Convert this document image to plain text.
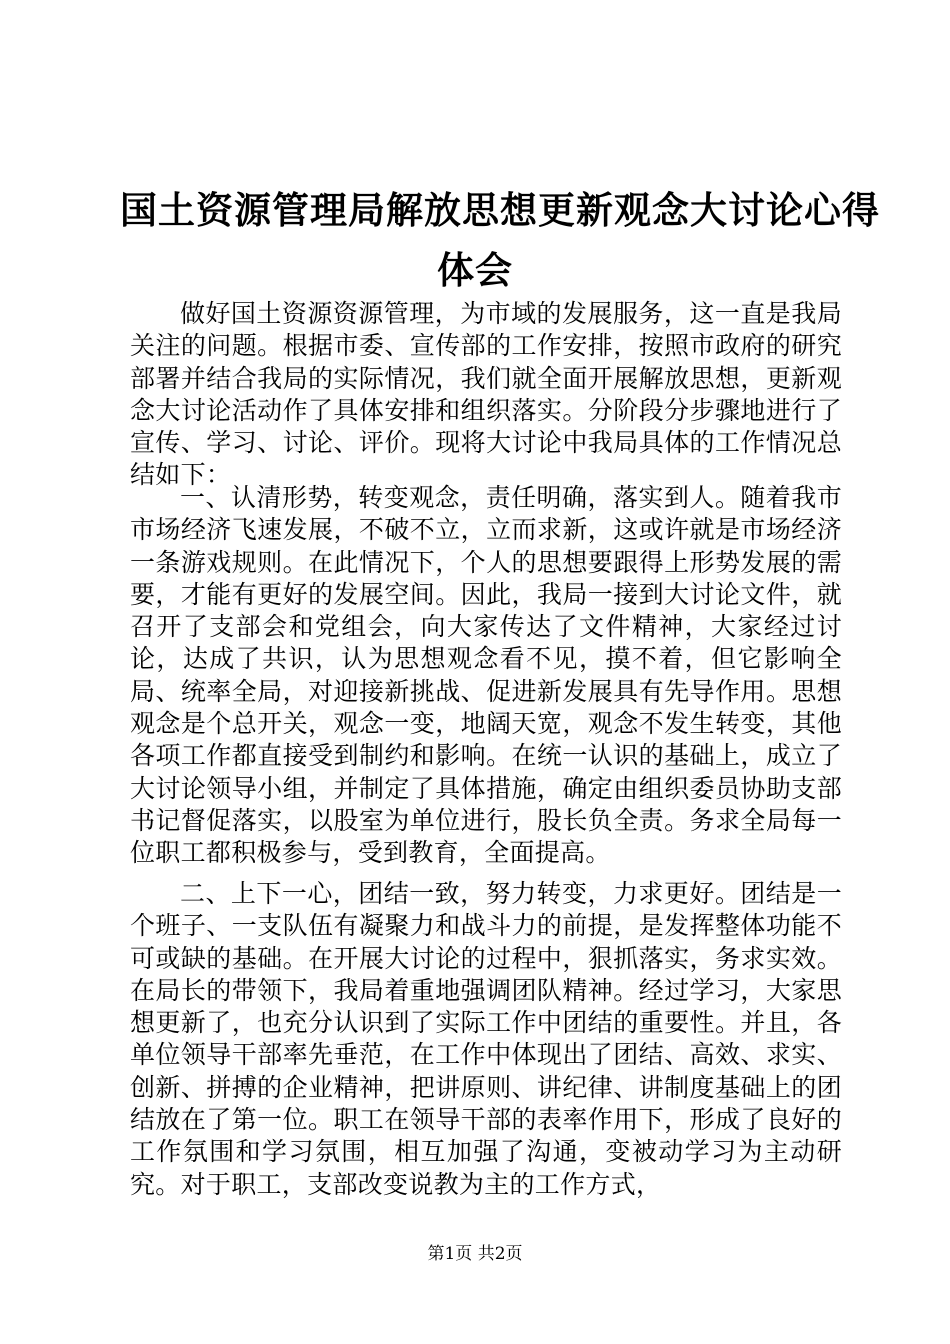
国土资源管理局解放思想更新观念大讨论心得
体会

做好国土资源资源管理，为市域的发展服务，这一直是我局关注的问题。根据市委、宣传部的工作安排，按照市政府的研究部署并结合我局的实际情况，我们就全面开展解放思想，更新观念大讨论活动作了具体安排和组织落实。分阶段分步骤地进行了宣传、学习、讨论、评价。现将大讨论中我局具体的工作情况总结如下：

一、认清形势，转变观念，责任明确，落实到人。随着我市市场经济飞速发展，不破不立，立而求新，这或许就是市场经济一条游戏规则。在此情况下，个人的思想要跟得上形势发展的需要，才能有更好的发展空间。因此，我局一接到大讨论文件，就召开了支部会和党组会，向大家传达了文件精神，大家经过讨论，达成了共识，认为思想观念看不见，摸不着，但它影响全局、统率全局，对迎接新挑战、促进新发展具有先导作用。思想观念是个总开关，观念一变，地阔天宽，观念不发生转变，其他各项工作都直接受到制约和影响。在统一认识的基础上，成立了大讨论领导小组，并制定了具体措施，确定由组织委员协助支部书记督促落实，以股室为单位进行，股长负全责。务求全局每一位职工都积极参与，受到教育，全面提高。

二、上下一心，团结一致，努力转变，力求更好。团结是一个班子、一支队伍有凝聚力和战斗力的前提，是发挥整体功能不可或缺的基础。在开展大讨论的过程中，狠抓落实，务求实效。在局长的带领下，我局着重地强调团队精神。经过学习，大家思想更新了，也充分认识到了实际工作中团结的重要性。并且，各单位领导干部率先垂范，在工作中体现出了团结、高效、求实、创新、拼搏的企业精神，把讲原则、讲纪律、讲制度基础上的团结放在了第一位。职工在领导干部的表率作用下，形成了良好的工作氛围和学习氛围，相互加强了沟通，变被动学习为主动研究。对于职工，支部改变说教为主的工作方式，

第1页 共2页
